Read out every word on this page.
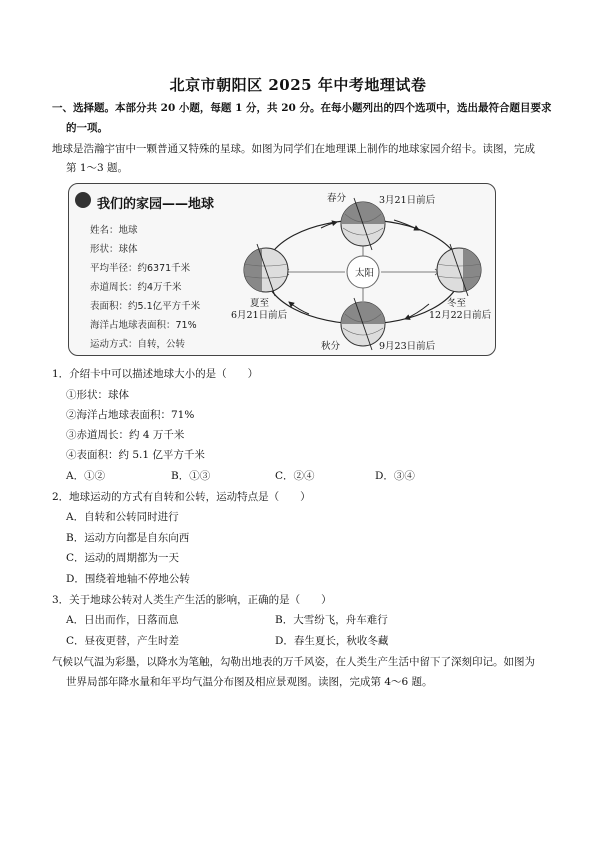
北京市朝阳区 2025 年中考地理试卷
一、选择题。本部分共 20 小题，每题 1 分，共 20 分。在每小题列出的四个选项中，选出最符合题目要求
的一项。
地球是浩瀚宇宙中一颗普通又特殊的星球。如图为同学们在地理课上制作的地球家园介绍卡。读图，完成
第 1～3 题。
我们的家园——地球
姓名：地球
形状：球体
平均半径：约6371千米
赤道周长：约4万千米
表面积：约5.1亿平方千米
海洋占地球表面积：71%
运动方式：自转，公转
太阳
春分	3月21日前后
夏至
6月21日前后
冬至
12月22日前后
秋分	9月23日前后
1．介绍卡中可以描述地球大小的是（　　）
①形状：球体
②海洋占地球表面积：71%
③赤道周长：约 4 万千米
④表面积：约 5.1 亿平方千米
A．①②	B．①③	C．②④	D．③④
2．地球运动的方式有自转和公转，运动特点是（　　）
A．自转和公转同时进行
B．运动方向都是自东向西
C．运动的周期都为一天
D．围绕着地轴不停地公转
3．关于地球公转对人类生产生活的影响，正确的是（　　）
A．日出而作，日落而息	B．大雪纷飞，舟车难行
C．昼夜更替，产生时差	D．春生夏长，秋收冬藏
气候以气温为彩墨，以降水为笔触，勾勒出地表的万千风姿，在人类生产生活中留下了深刻印记。如图为
世界局部年降水量和年平均气温分布图及相应景观图。读图，完成第 4～6 题。
